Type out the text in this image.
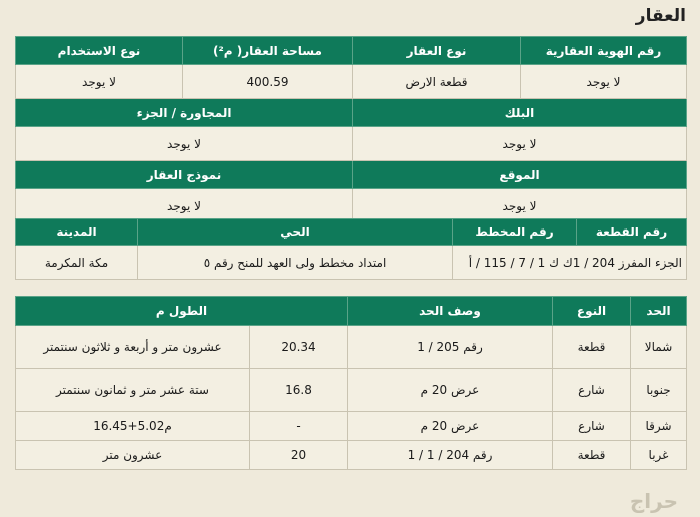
العقار
رقم الهوية العقارية	نوع العقار	مساحة العقار( م²)	نوع الاستخدام
لا يوجد	قطعة الارض	400.59	لا يوجد
البلك		المجاورة / الجزء	
لا يوجد		لا يوجد	
الموقع		نموذج العقار	
لا يوجد		لا يوجد	
رقم القطعة	رقم المخطط	الحي	المدينة
الجزء المفرز 204 / 1ك ك 1 / 7 / 115 / أ		امتداد مخطط ولى العهد للمنح رقم ٥	مكة المكرمة
الحد	النوع	وصف الحد	الطول م	
شمالا	قطعة	رقم 205 / 1	20.34	عشرون متر و أربعة و ثلاثون سنتمتر
جنوبا	شارع	عرض 20 م	16.8	ستة عشر متر و ثمانون سنتمتر
شرقا	شارع	عرض 20 م	-	16.45+5.02م
غربا	قطعة	رقم 204 / 1 / 1	20	عشرون متر
حراج
